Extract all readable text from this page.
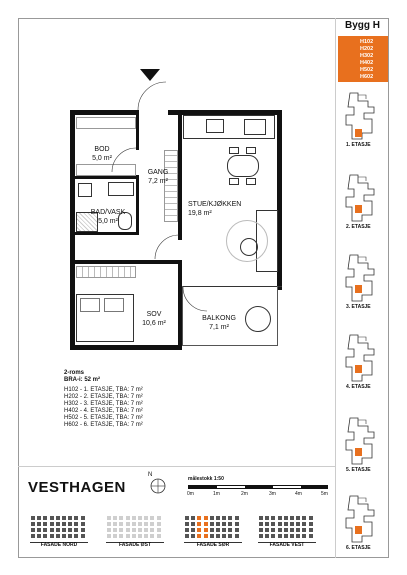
Bygg H
H102
H202
H302
H402
H502
H602
1. ETASJE
2. ETASJE
3. ETASJE
4. ETASJE
5. ETASJE
6. ETASJE
BOD
5,0 m²
GANG
7,2 m²
BAD/VASK
5,0 m²
STUE/KJØKKEN
19,8 m²
SOV
10,6 m²
BALKONG
7,1 m²
2-roms
BRA-i: 52 m²
H102 - 1. ETASJE, TBA: 7 m²
H202 - 2. ETASJE, TBA: 7 m²
H302 - 3. ETASJE, TBA: 7 m²
H402 - 4. ETASJE, TBA: 7 m²
H502 - 5. ETASJE, TBA: 7 m²
H602 - 6. ETASJE, TBA: 7 m²
VESTHAGEN
N
målestokk 1:50
0m	1m	2m	3m	4m	5m
FASADE NORD	FASADE ØST	FASADE SØR	FASADE VEST
